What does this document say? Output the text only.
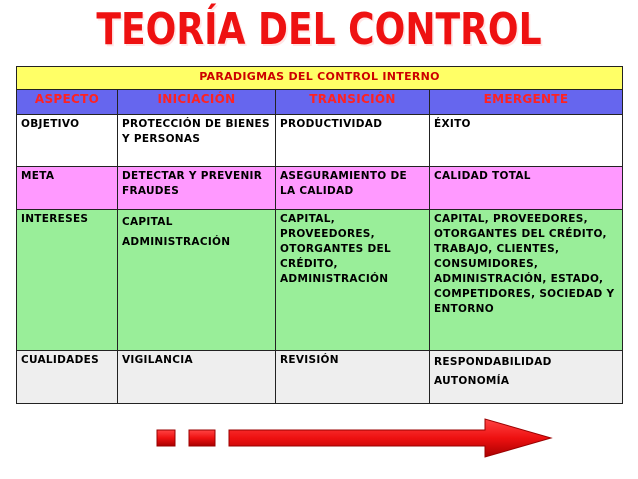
TEORÍA DEL CONTROL
PARADIGMAS DEL CONTROL INTERNO			
ASPECTO	INICIACIÓN	TRANSICIÓN	EMERGENTE
OBJETIVO	PROTECCIÓN DE BIENES Y PERSONAS	PRODUCTIVIDAD	ÉXITO
META	DETECTAR Y PREVENIR FRAUDES	ASEGURAMIENTO DE LA CALIDAD	CALIDAD TOTAL
INTERESES	CAPITAL ADMINISTRACIÓN	CAPITAL, PROVEEDORES, OTORGANTES DEL CRÉDITO, ADMINISTRACIÓN	CAPITAL, PROVEEDORES, OTORGANTES DEL CRÉDITO, TRABAJO, CLIENTES, CONSUMIDORES, ADMINISTRACIÓN, ESTADO, COMPETIDORES, SOCIEDAD Y ENTORNO
CUALIDADES	VIGILANCIA	REVISIÓN	RESPONDABILIDAD AUTONOMÍA
